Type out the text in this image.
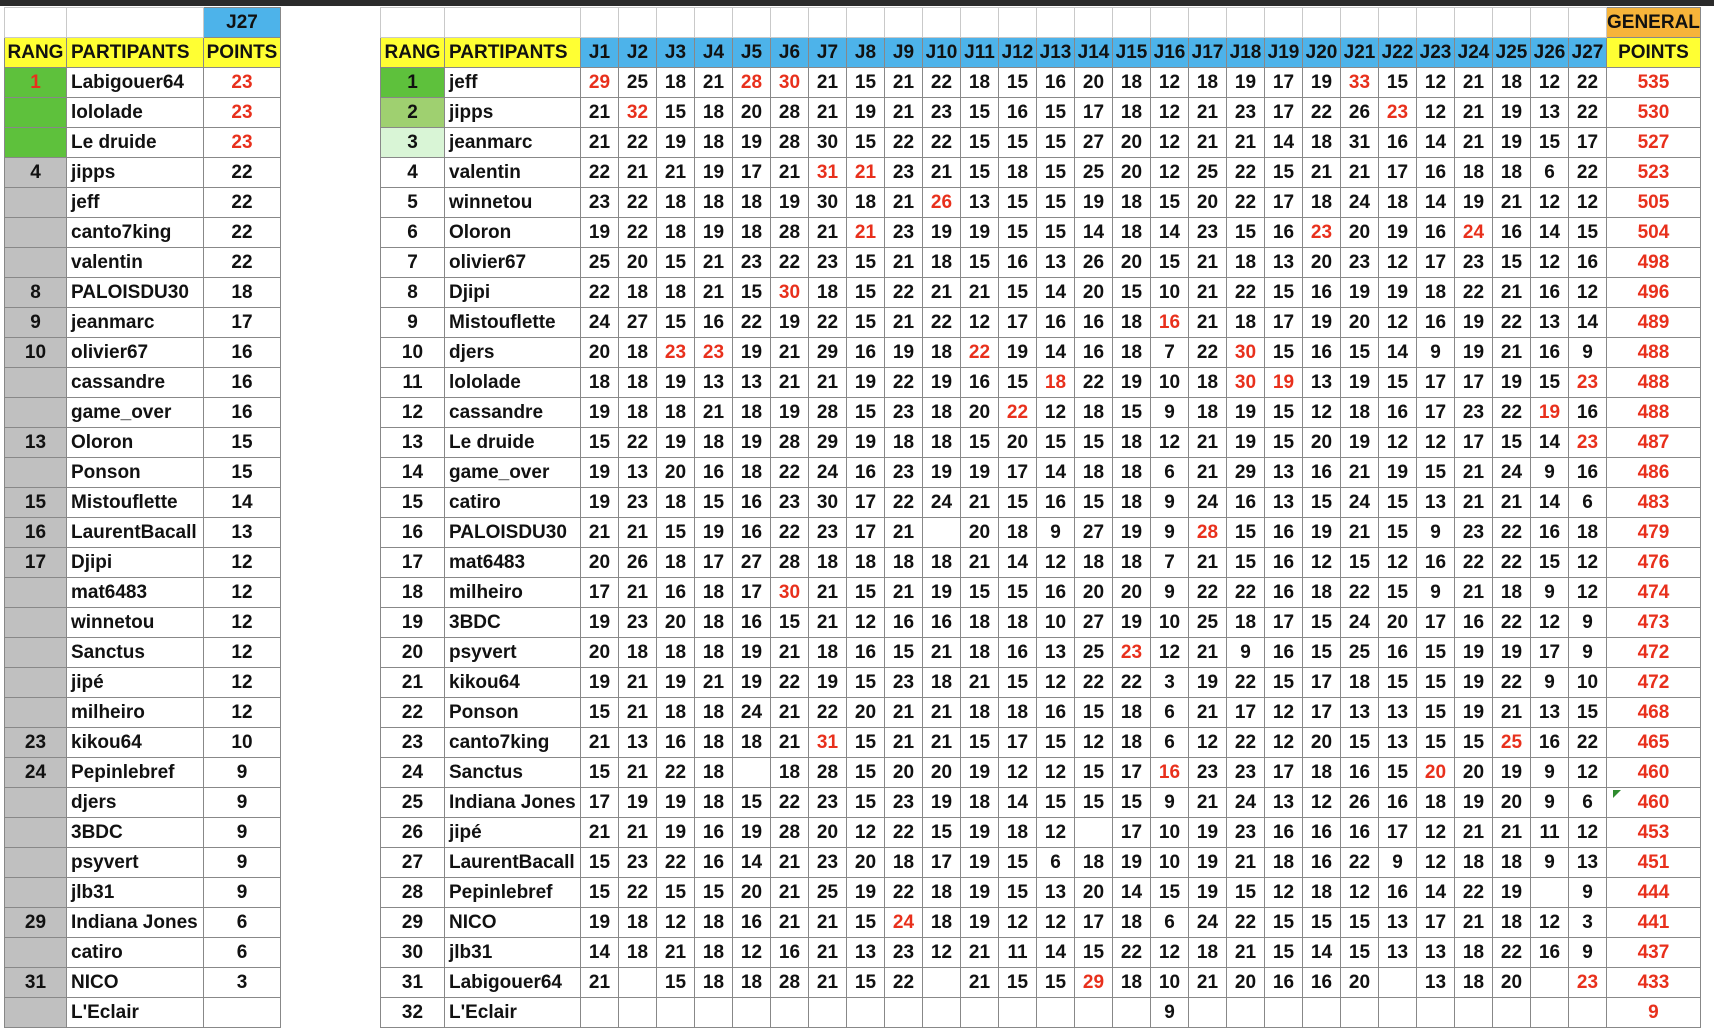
		J27
RANG	PARTIPANTS	POINTS
1	Labigouer64	23
	lololade	23
	Le druide	23
4	jipps	22
	jeff	22
	canto7king	22
	valentin	22
8	PALOISDU30	18
9	jeanmarc	17
10	olivier67	16
	cassandre	16
	game_over	16
13	Oloron	15
	Ponson	15
15	Mistouflette	14
16	LaurentBacall	13
17	Djipi	12
	mat6483	12
	winnetou	12
	Sanctus	12
	jipé	12
	milheiro	12
23	kikou64	10
24	Pepinlebref	9
	djers	9
	3BDC	9
	psyvert	9
	jlb31	9
29	Indiana Jones	6
	catiro	6
31	NICO	3
	L'Eclair	
																													GENERAL
RANG	PARTIPANTS	J1	J2	J3	J4	J5	J6	J7	J8	J9	J10	J11	J12	J13	J14	J15	J16	J17	J18	J19	J20	J21	J22	J23	J24	J25	J26	J27	POINTS
1	jeff	29	25	18	21	28	30	21	15	21	22	18	15	16	20	18	12	18	19	17	19	33	15	12	21	18	12	22	535
2	jipps	21	32	15	18	20	28	21	19	21	23	15	16	15	17	18	12	21	23	17	22	26	23	12	21	19	13	22	530
3	jeanmarc	21	22	19	18	19	28	30	15	22	22	15	15	15	27	20	12	21	21	14	18	31	16	14	21	19	15	17	527
4	valentin	22	21	21	19	17	21	31	21	23	21	15	18	15	25	20	12	25	22	15	21	21	17	16	18	18	6	22	523
5	winnetou	23	22	18	18	18	19	30	18	21	26	13	15	15	19	18	15	20	22	17	18	24	18	14	19	21	12	12	505
6	Oloron	19	22	18	19	18	28	21	21	23	19	19	15	15	14	18	14	23	15	16	23	20	19	16	24	16	14	15	504
7	olivier67	25	20	15	21	23	22	23	15	21	18	15	16	13	26	20	15	21	18	13	20	23	12	17	23	15	12	16	498
8	Djipi	22	18	18	21	15	30	18	15	22	21	21	15	14	20	15	10	21	22	15	16	19	19	18	22	21	16	12	496
9	Mistouflette	24	27	15	16	22	19	22	15	21	22	12	17	16	16	18	16	21	18	17	19	20	12	16	19	22	13	14	489
10	djers	20	18	23	23	19	21	29	16	19	18	22	19	14	16	18	7	22	30	15	16	15	14	9	19	21	16	9	488
11	lololade	18	18	19	13	13	21	21	19	22	19	16	15	18	22	19	10	18	30	19	13	19	15	17	17	19	15	23	488
12	cassandre	19	18	18	21	18	19	28	15	23	18	20	22	12	18	15	9	18	19	15	12	18	16	17	23	22	19	16	488
13	Le druide	15	22	19	18	19	28	29	19	18	18	15	20	15	15	18	12	21	19	15	20	19	12	12	17	15	14	23	487
14	game_over	19	13	20	16	18	22	24	16	23	19	19	17	14	18	18	6	21	29	13	16	21	19	15	21	24	9	16	486
15	catiro	19	23	18	15	16	23	30	17	22	24	21	15	16	15	18	9	24	16	13	15	24	15	13	21	21	14	6	483
16	PALOISDU30	21	21	15	19	16	22	23	17	21		20	18	9	27	19	9	28	15	16	19	21	15	9	23	22	16	18	479
17	mat6483	20	26	18	17	27	28	18	18	18	18	21	14	12	18	18	7	21	15	16	12	15	12	16	22	22	15	12	476
18	milheiro	17	21	16	18	17	30	21	15	21	19	15	15	16	20	20	9	22	22	16	18	22	15	9	21	18	9	12	474
19	3BDC	19	23	20	18	16	15	21	12	16	16	18	18	10	27	19	10	25	18	17	15	24	20	17	16	22	12	9	473
20	psyvert	20	18	18	18	19	21	18	16	15	21	18	16	13	25	23	12	21	9	16	15	25	16	15	19	19	17	9	472
21	kikou64	19	21	19	21	19	22	19	15	23	18	21	15	12	22	22	3	19	22	15	17	18	15	15	19	22	9	10	472
22	Ponson	15	21	18	18	24	21	22	20	21	21	18	18	16	15	18	6	21	17	12	17	13	13	15	19	21	13	15	468
23	canto7king	21	13	16	18	18	21	31	15	21	21	15	17	15	12	18	6	12	22	12	20	15	13	15	15	25	16	22	465
24	Sanctus	15	21	22	18		18	28	15	20	20	19	12	12	15	17	16	23	23	17	18	16	15	20	20	19	9	12	460
25	Indiana Jones	17	19	19	18	15	22	23	15	23	19	18	14	15	15	15	9	21	24	13	12	26	16	18	19	20	9	6	460
26	jipé	21	21	19	16	19	28	20	12	22	15	19	18	12		17	10	19	23	16	16	16	17	12	21	21	11	12	453
27	LaurentBacall	15	23	22	16	14	21	23	20	18	17	19	15	6	18	19	10	19	21	18	16	22	9	12	18	18	9	13	451
28	Pepinlebref	15	22	15	15	20	21	25	19	22	18	19	15	13	20	14	15	19	15	12	18	12	16	14	22	19		9	444
29	NICO	19	18	12	18	16	21	21	15	24	18	19	12	12	17	18	6	24	22	15	15	15	13	17	21	18	12	3	441
30	jlb31	14	18	21	18	12	16	21	13	23	12	21	11	14	15	22	12	18	21	15	14	15	13	13	18	22	16	9	437
31	Labigouer64	21		15	18	18	28	21	15	22		21	15	15	29	18	10	21	20	16	16	20		13	18	20		23	433
32	L'Eclair																9												9
